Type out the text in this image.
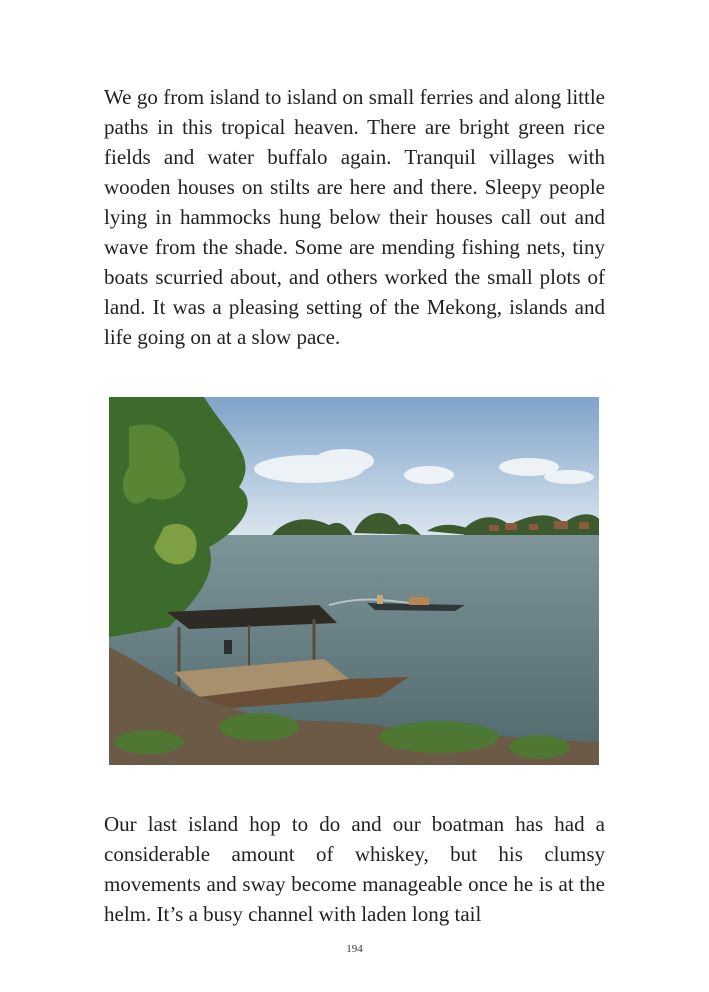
We go from island to island on small ferries and along little paths in this tropical heaven. There are bright green rice fields and water buffalo again. Tranquil villages with wooden houses on stilts are here and there. Sleepy people lying in hammocks hung below their houses call out and wave from the shade. Some are mending fishing nets, tiny boats scurried about, and others worked the small plots of land. It was a pleasing setting of the Mekong, islands and life going on at a slow pace.

Our last island hop to do and our boatman has had a considerable amount of whiskey, but his clumsy movements and sway become manageable once he is at the helm. It’s a busy channel with laden long tail

194
